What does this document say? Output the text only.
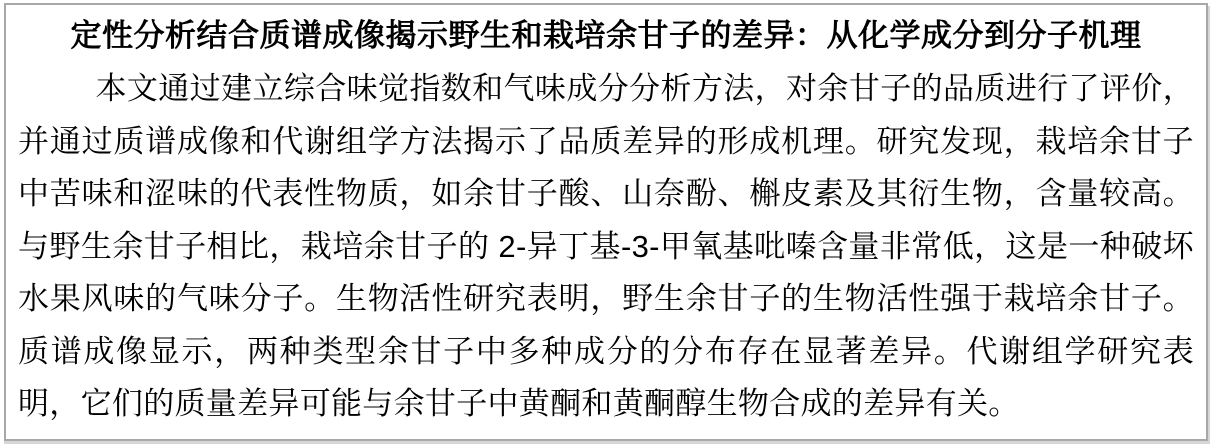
定性分析结合质谱成像揭示野生和栽培余甘子的差异：从化学成分到分子机理

本文通过建立综合味觉指数和气味成分分析方法，对余甘子的品质进行了评价，并通过质谱成像和代谢组学方法揭示了品质差异的形成机理。研究发现，栽培余甘子中苦味和涩味的代表性物质，如余甘子酸、山奈酚、槲皮素及其衍生物，含量较高。与野生余甘子相比，栽培余甘子的 2-异丁基-3-甲氧基吡嗪含量非常低，这是一种破坏水果风味的气味分子。生物活性研究表明，野生余甘子的生物活性强于栽培余甘子。质谱成像显示，两种类型余甘子中多种成分的分布存在显著差异。代谢组学研究表明，它们的质量差异可能与余甘子中黄酮和黄酮醇生物合成的差异有关。
